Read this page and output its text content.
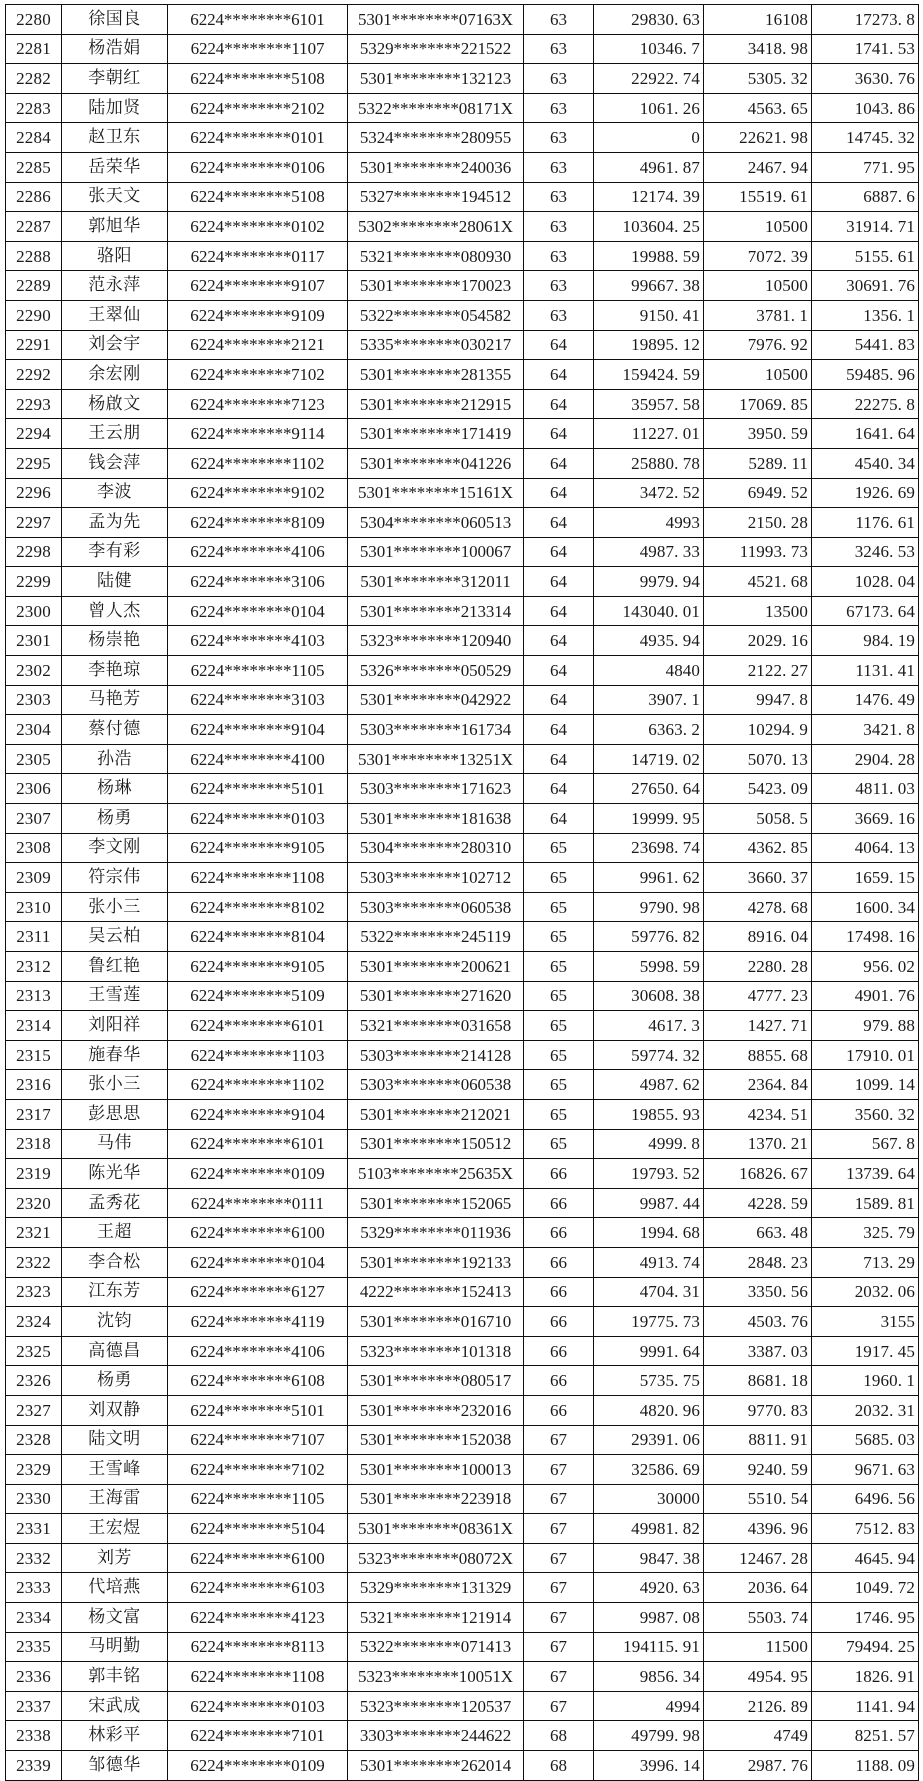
2280	徐国良	6224********6101	5301********07163X	63	29830. 63	16108	17273. 8
2281	杨浩娟	6224********1107	5329********221522	63	10346. 7	3418. 98	1741. 53
2282	李朝红	6224********5108	5301********132123	63	22922. 74	5305. 32	3630. 76
2283	陆加贤	6224********2102	5322********08171X	63	1061. 26	4563. 65	1043. 86
2284	赵卫东	6224********0101	5324********280955	63	0	22621. 98	14745. 32
2285	岳荣华	6224********0106	5301********240036	63	4961. 87	2467. 94	771. 95
2286	张天文	6224********5108	5327********194512	63	12174. 39	15519. 61	6887. 6
2287	郭旭华	6224********0102	5302********28061X	63	103604. 25	10500	31914. 71
2288	骆阳	6224********0117	5321********080930	63	19988. 59	7072. 39	5155. 61
2289	范永萍	6224********9107	5301********170023	63	99667. 38	10500	30691. 76
2290	王翠仙	6224********9109	5322********054582	63	9150. 41	3781. 1	1356. 1
2291	刘会宇	6224********2121	5335********030217	64	19895. 12	7976. 92	5441. 83
2292	余宏刚	6224********7102	5301********281355	64	159424. 59	10500	59485. 96
2293	杨啟文	6224********7123	5301********212915	64	35957. 58	17069. 85	22275. 8
2294	王云朋	6224********9114	5301********171419	64	11227. 01	3950. 59	1641. 64
2295	钱会萍	6224********1102	5301********041226	64	25880. 78	5289. 11	4540. 34
2296	李波	6224********9102	5301********15161X	64	3472. 52	6949. 52	1926. 69
2297	孟为先	6224********8109	5304********060513	64	4993	2150. 28	1176. 61
2298	李有彩	6224********4106	5301********100067	64	4987. 33	11993. 73	3246. 53
2299	陆健	6224********3106	5301********312011	64	9979. 94	4521. 68	1028. 04
2300	曾人杰	6224********0104	5301********213314	64	143040. 01	13500	67173. 64
2301	杨崇艳	6224********4103	5323********120940	64	4935. 94	2029. 16	984. 19
2302	李艳琼	6224********1105	5326********050529	64	4840	2122. 27	1131. 41
2303	马艳芳	6224********3103	5301********042922	64	3907. 1	9947. 8	1476. 49
2304	蔡付德	6224********9104	5303********161734	64	6363. 2	10294. 9	3421. 8
2305	孙浩	6224********4100	5301********13251X	64	14719. 02	5070. 13	2904. 28
2306	杨琳	6224********5101	5303********171623	64	27650. 64	5423. 09	4811. 03
2307	杨勇	6224********0103	5301********181638	64	19999. 95	5058. 5	3669. 16
2308	李文刚	6224********9105	5304********280310	65	23698. 74	4362. 85	4064. 13
2309	符宗伟	6224********1108	5303********102712	65	9961. 62	3660. 37	1659. 15
2310	张小三	6224********8102	5303********060538	65	9790. 98	4278. 68	1600. 34
2311	吴云柏	6224********8104	5322********245119	65	59776. 82	8916. 04	17498. 16
2312	鲁红艳	6224********9105	5301********200621	65	5998. 59	2280. 28	956. 02
2313	王雪莲	6224********5109	5301********271620	65	30608. 38	4777. 23	4901. 76
2314	刘阳祥	6224********6101	5321********031658	65	4617. 3	1427. 71	979. 88
2315	施春华	6224********1103	5303********214128	65	59774. 32	8855. 68	17910. 01
2316	张小三	6224********1102	5303********060538	65	4987. 62	2364. 84	1099. 14
2317	彭思思	6224********9104	5301********212021	65	19855. 93	4234. 51	3560. 32
2318	马伟	6224********6101	5301********150512	65	4999. 8	1370. 21	567. 8
2319	陈光华	6224********0109	5103********25635X	66	19793. 52	16826. 67	13739. 64
2320	孟秀花	6224********0111	5301********152065	66	9987. 44	4228. 59	1589. 81
2321	王超	6224********6100	5329********011936	66	1994. 68	663. 48	325. 79
2322	李合松	6224********0104	5301********192133	66	4913. 74	2848. 23	713. 29
2323	江东芳	6224********6127	4222********152413	66	4704. 31	3350. 56	2032. 06
2324	沈钧	6224********4119	5301********016710	66	19775. 73	4503. 76	3155
2325	高德昌	6224********4106	5323********101318	66	9991. 64	3387. 03	1917. 45
2326	杨勇	6224********6108	5301********080517	66	5735. 75	8681. 18	1960. 1
2327	刘双静	6224********5101	5301********232016	66	4820. 96	9770. 83	2032. 31
2328	陆文明	6224********7107	5301********152038	67	29391. 06	8811. 91	5685. 03
2329	王雪峰	6224********7102	5301********100013	67	32586. 69	9240. 59	9671. 63
2330	王海雷	6224********1105	5301********223918	67	30000	5510. 54	6496. 56
2331	王宏煜	6224********5104	5301********08361X	67	49981. 82	4396. 96	7512. 83
2332	刘芳	6224********6100	5323********08072X	67	9847. 38	12467. 28	4645. 94
2333	代培燕	6224********6103	5329********131329	67	4920. 63	2036. 64	1049. 72
2334	杨文富	6224********4123	5321********121914	67	9987. 08	5503. 74	1746. 95
2335	马明勤	6224********8113	5322********071413	67	194115. 91	11500	79494. 25
2336	郭丰铭	6224********1108	5323********10051X	67	9856. 34	4954. 95	1826. 91
2337	宋武成	6224********0103	5323********120537	67	4994	2126. 89	1141. 94
2338	林彩平	6224********7101	3303********244622	68	49799. 98	4749	8251. 57
2339	邹德华	6224********0109	5301********262014	68	3996. 14	2987. 76	1188. 09
